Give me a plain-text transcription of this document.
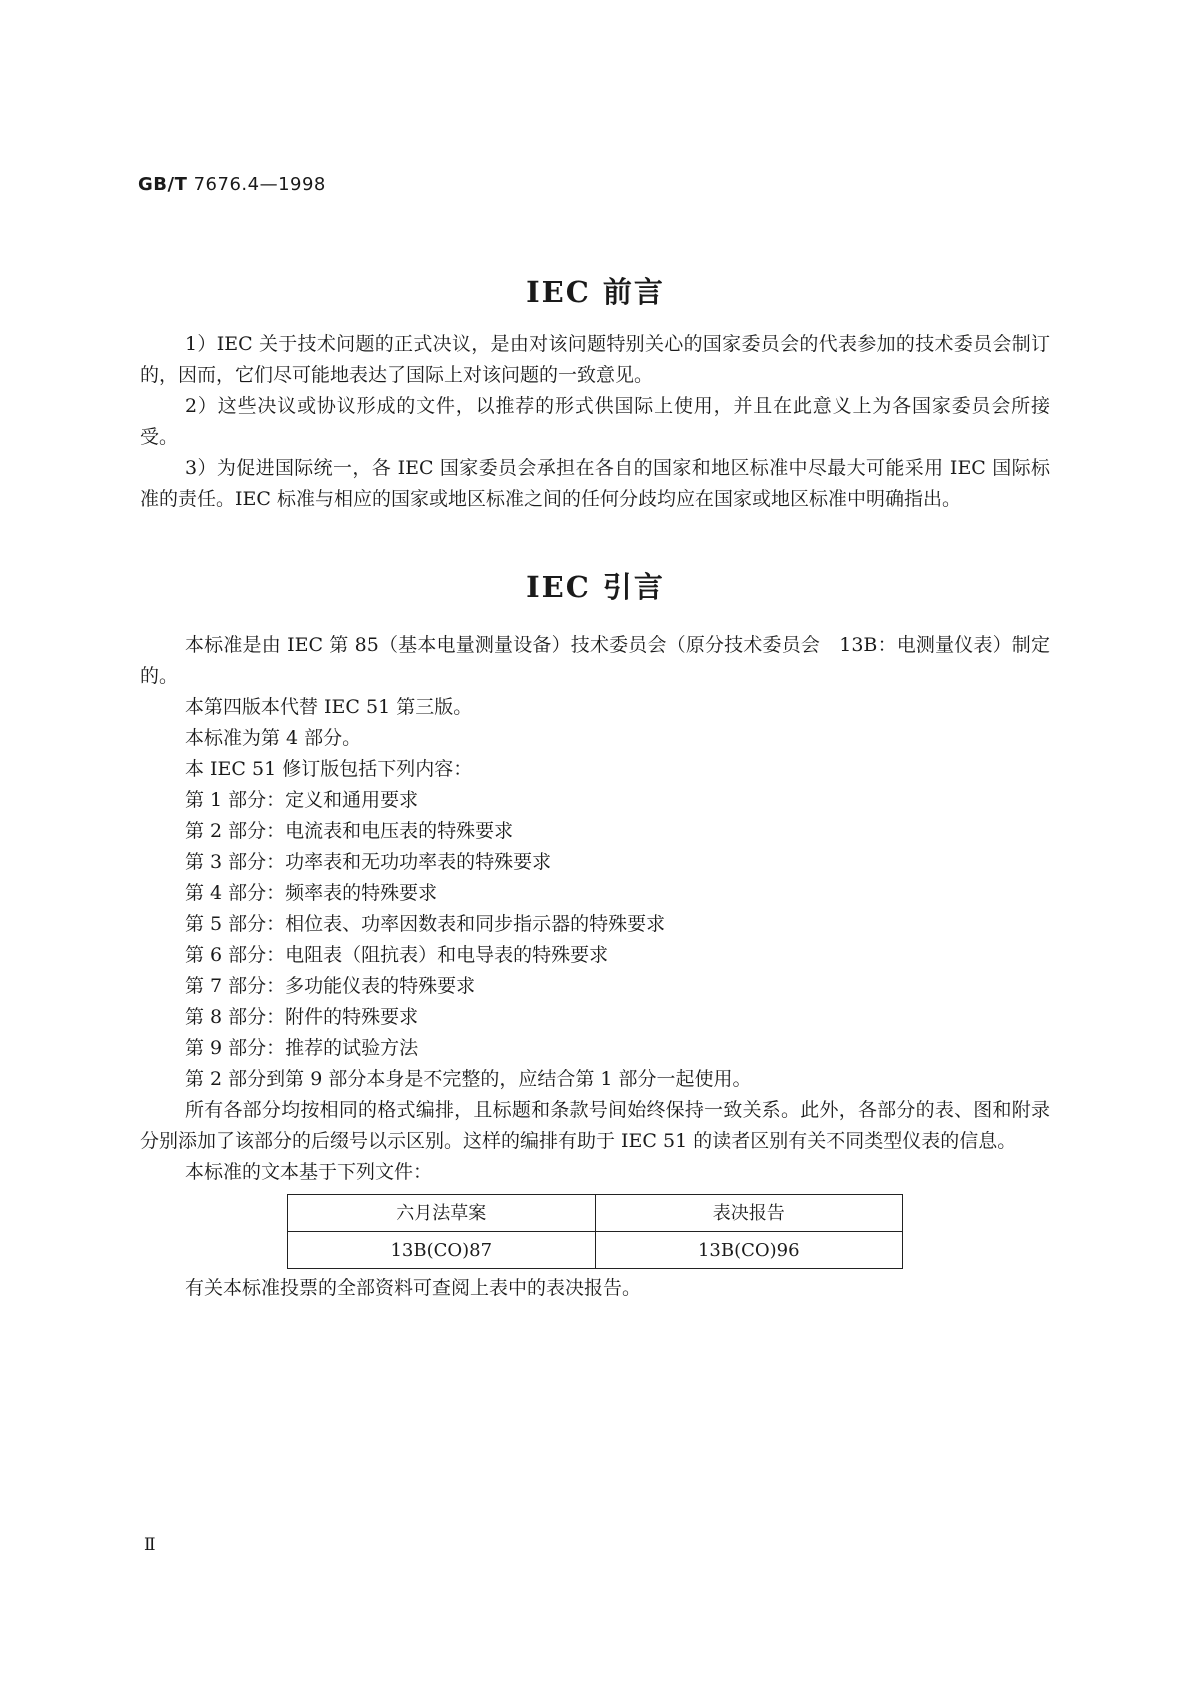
GB/T 7676.4—1998
IEC 前言

1）IEC 关于技术问题的正式决议，是由对该问题特别关心的国家委员会的代表参加的技术委员会制订的，因而，它们尽可能地表达了国际上对该问题的一致意见。

2）这些决议或协议形成的文件，以推荐的形式供国际上使用，并且在此意义上为各国家委员会所接受。

3）为促进国际统一，各 IEC 国家委员会承担在各自的国家和地区标准中尽最大可能采用 IEC 国际标准的责任。IEC 标准与相应的国家或地区标准之间的任何分歧均应在国家或地区标准中明确指出。

IEC 引言

本标准是由 IEC 第 85（基本电量测量设备）技术委员会（原分技术委员会　13B：电测量仪表）制定的。

本第四版本代替 IEC 51 第三版。
本标准为第 4 部分。
本 IEC 51 修订版包括下列内容：
第 1 部分：定义和通用要求
第 2 部分：电流表和电压表的特殊要求
第 3 部分：功率表和无功功率表的特殊要求
第 4 部分：频率表的特殊要求
第 5 部分：相位表、功率因数表和同步指示器的特殊要求
第 6 部分：电阻表（阻抗表）和电导表的特殊要求
第 7 部分：多功能仪表的特殊要求
第 8 部分：附件的特殊要求
第 9 部分：推荐的试验方法
第 2 部分到第 9 部分本身是不完整的，应结合第 1 部分一起使用。

所有各部分均按相同的格式编排，且标题和条款号间始终保持一致关系。此外，各部分的表、图和附录分别添加了该部分的后缀号以示区别。这样的编排有助于 IEC 51 的读者区别有关不同类型仪表的信息。

本标准的文本基于下列文件：
六月法草案	表决报告
13B(CO)87	13B(CO)96
有关本标准投票的全部资料可查阅上表中的表决报告。
Ⅱ
